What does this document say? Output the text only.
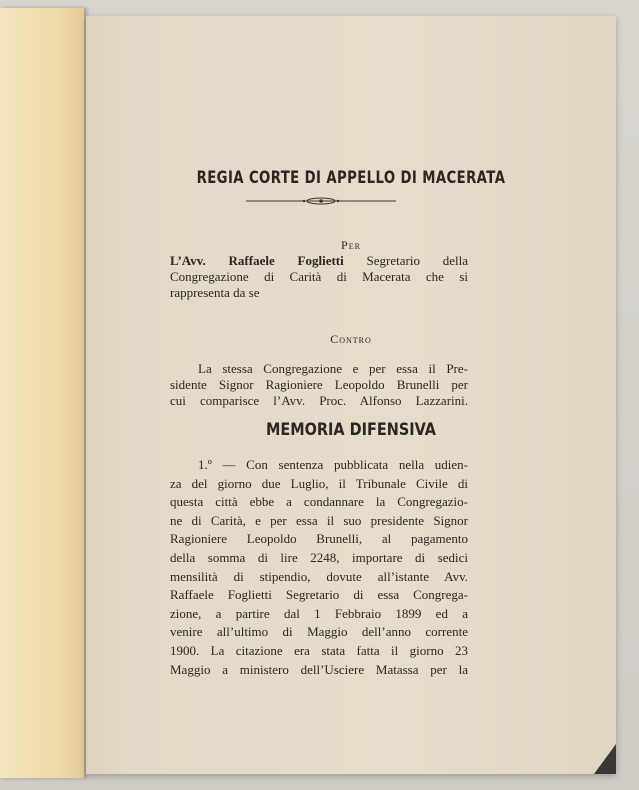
REGIA CORTE DI APPELLO DI MACERATA
Per
L’Avv. Raffaele Foglietti Segretario della
Congregazione di Carità di Macerata che si
rappresenta da se
Contro
La stessa Congregazione e per essa il Pre-
sidente Signor Ragioniere Leopoldo Brunelli per
cui comparisce l’Avv. Proc. Alfonso Lazzarini.
MEMORIA DIFENSIVA
1.º — Con sentenza pubblicata nella udien-
za del giorno due Luglio, il Tribunale Civile di
questa città ebbe a condannare la Congregazio-
ne di Carità, e per essa il suo presidente Signor
Ragioniere Leopoldo Brunelli, al pagamento
della somma di lire 2248, importare di sedici
mensilità di stipendio, dovute all’istante Avv.
Raffaele Foglietti Segretario di essa Congrega-
zione, a partire dal 1 Febbraio 1899 ed a
venire all’ultimo di Maggio dell’anno corrente
1900. La citazione era stata fatta il giorno 23
Maggio a ministero dell’Usciere Matassa per la
